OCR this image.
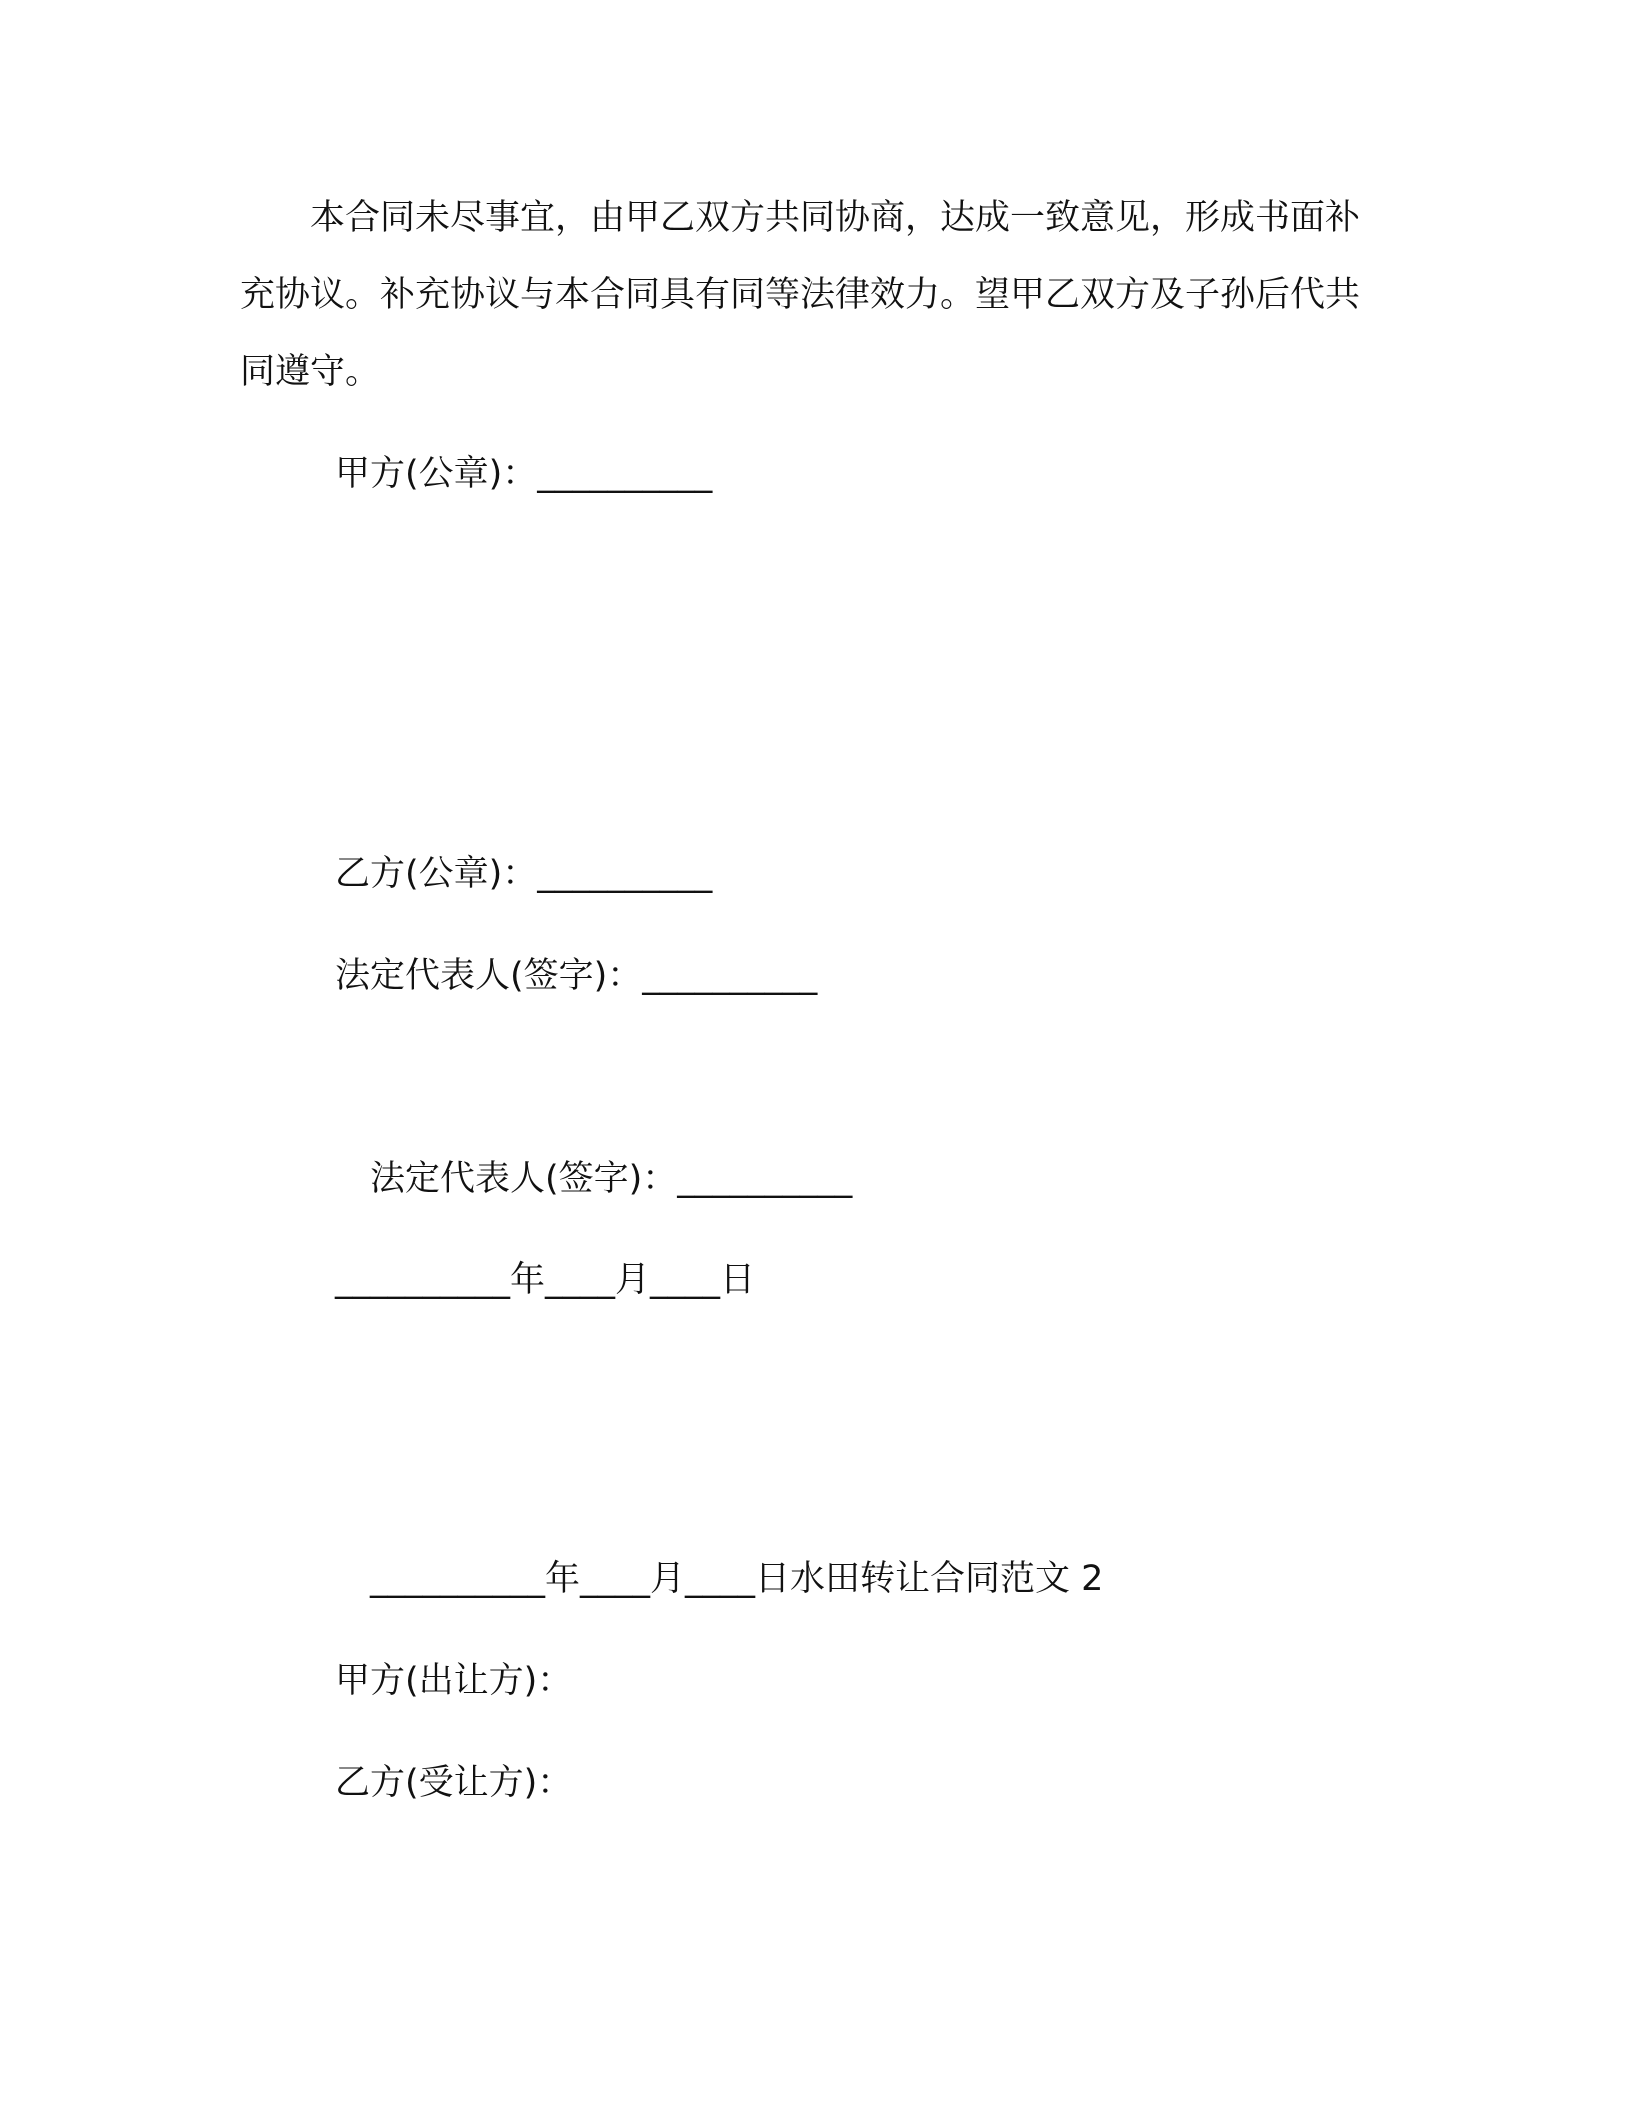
　　本合同未尽事宜，由甲乙双方共同协商，达成一致意见，形成书面补充协议。补充协议与本合同具有同等法律效力。望甲乙双方及子孙后代共同遵守。

甲方(公章)：__________

乙方(公章)：__________

法定代表人(签字)：__________

法定代表人(签字)：__________

__________年____月____日

__________年____月____日水田转让合同范文 2

甲方(出让方)：

乙方(受让方)：
